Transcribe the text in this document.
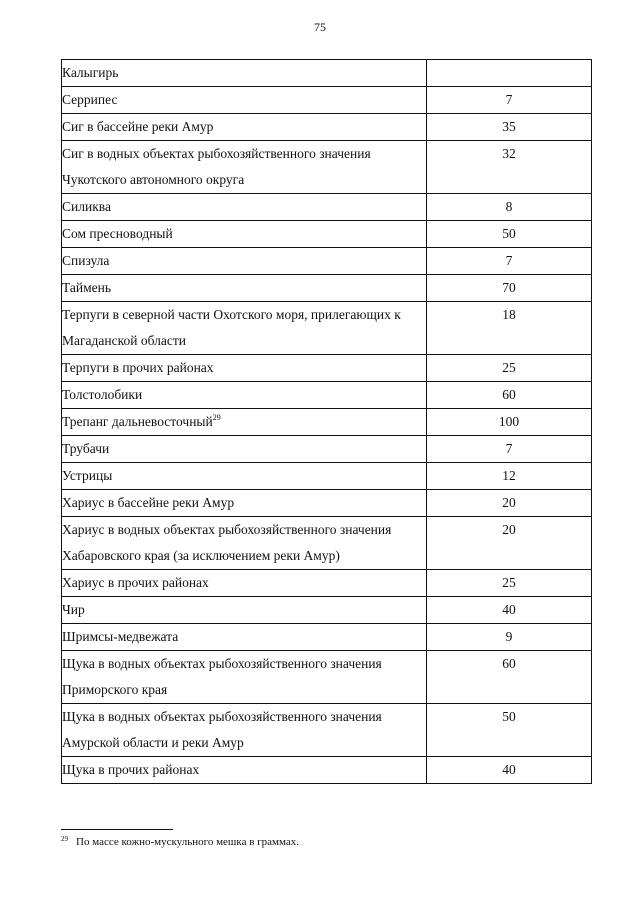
75
Калыгирь	
Серрипес	7
Сиг в бассейне реки Амур	35
Сиг в водных объектах рыбохозяйственного значения Чукотского автономного округа	32
Силиква	8
Сом пресноводный	50
Спизула	7
Таймень	70
Терпуги в северной части Охотского моря, прилегающих к Магаданской области	18
Терпуги в прочих районах	25
Толстолобики	60
Трепанг дальневосточный$^{29}$	100
Трубачи	7
Устрицы	12
Хариус в бассейне реки Амур	20
Хариус в водных объектах рыбохозяйственного значения Хабаровского края (за исключением реки Амур)	20
Хариус в прочих районах	25
Чир	40
Шримсы-медвежата	9
Щука в водных объектах рыбохозяйственного значения Приморского края	60
Щука в водных объектах рыбохозяйственного значения Амурской области и реки Амур	50
Щука в прочих районах	40
$^{29}$ По массе кожно-мускульного мешка в граммах.
